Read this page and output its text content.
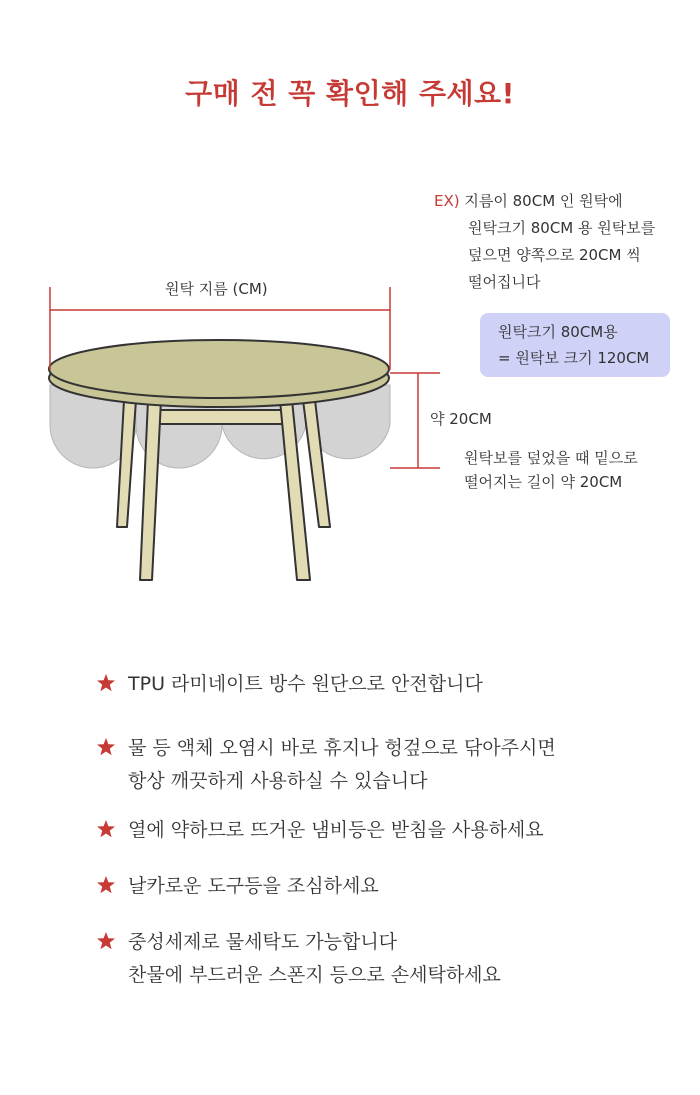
구매 전 꼭 확인해 주세요!
원탁 지름 (CM)
약 20CM
원탁보를 덮었을 때 밑으로
떨어지는 길이 약 20CM
EX) 지름이 80CM 인 원탁에
원탁크기 80CM 용 원탁보를
덮으면 양쪽으로 20CM 씩
떨어집니다
원탁크기 80CM용
= 원탁보 크기 120CM
TPU 라미네이트 방수 원단으로 안전합니다
물 등 액체 오염시 바로 휴지나 헝겊으로 닦아주시면
항상 깨끗하게 사용하실 수 있습니다
열에 약하므로 뜨거운 냄비등은 받침을 사용하세요
날카로운 도구등을 조심하세요
중성세제로 물세탁도 가능합니다
찬물에 부드러운 스폰지 등으로 손세탁하세요
